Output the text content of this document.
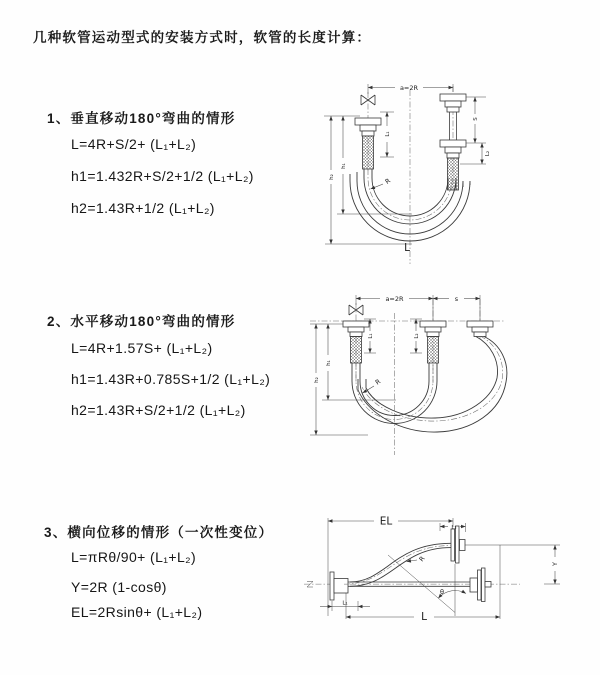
几种软管运动型式的安装方式时，软管的长度计算：
1、垂直移动180°弯曲的情形
L=4R+S/2+ (L₁+L₂)
h1=1.432R+S/2+1/2 (L₁+L₂)
h2=1.43R+1/2 (L₁+L₂)
2、水平移动180°弯曲的情形
L=4R+1.57S+ (L₁+L₂)
h1=1.43R+0.785S+1/2 (L₁+L₂)
h2=1.43R+S/2+1/2 (L₁+L₂)
3、横向位移的情形（一次性变位）
L=πRθ/90+ (L₁+L₂)
Y=2R (1-cosθ)
EL=2Rsinθ+ (L₁+L₂)
a=2R
R
L₁
S
L₂
h₁
h₂
L
a=2R	s
R
L₁	L₂
h₁
h₂
EL
L₂
Y
L
L₁
θ
R
